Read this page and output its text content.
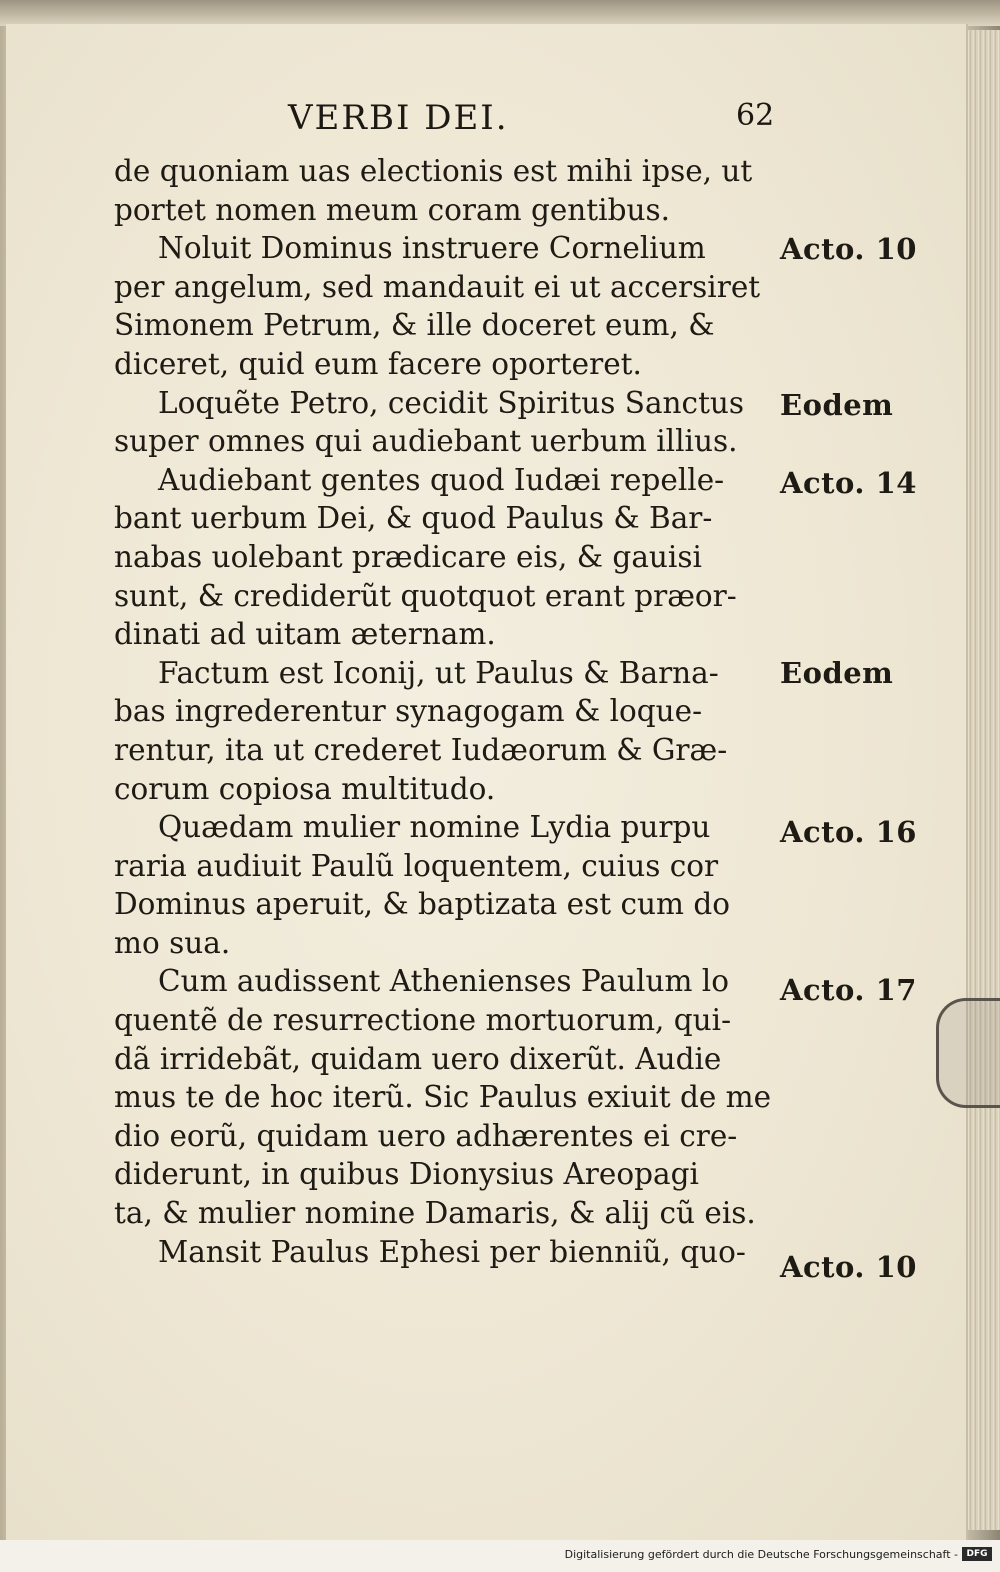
VERBI DEI.	62
de quoniam uas electionis est mihi ipse, ut
portet nomen meum coram gentibus.
Noluit Dominus instruere Cornelium
per angelum, sed mandauit ei ut accersiret
Simonem Petrum, & ille doceret eum, &
diceret, quid eum facere oporteret.
Loquẽte Petro, cecidit Spiritus Sanctus
super omnes qui audiebant uerbum illius.
Audiebant gentes quod Iudæi repelle-
bant uerbum Dei, & quod Paulus & Bar-
nabas uolebant prædicare eis, & gauisi
sunt, & crediderũt quotquot erant præor-
dinati ad uitam æternam.
Factum est Iconij, ut Paulus & Barna-
bas ingrederentur synagogam & loque-
rentur, ita ut crederet Iudæorum & Græ-
corum copiosa multitudo.
Quædam mulier nomine Lydia purpu
raria audiuit Paulũ loquentem, cuius cor
Dominus aperuit, & baptizata est cum do
mo sua.
Cum audissent Athenienses Paulum lo
quentẽ de resurrectione mortuorum, qui-
dã irridebãt, quidam uero dixerũt. Audie
mus te de hoc iterũ. Sic Paulus exiuit de me
dio eorũ, quidam uero adhærentes ei cre-
diderunt, in quibus Dionysius Areopagi
ta, & mulier nomine Damaris, & alij cũ eis.
Mansit Paulus Ephesi per bienniũ, quo-
Acto. 10
Eodem
Acto. 14
Eodem
Acto. 16
Acto. 17
Acto. 10
Digitalisierung gefördert durch die Deutsche Forschungsgemeinschaft - DFG
